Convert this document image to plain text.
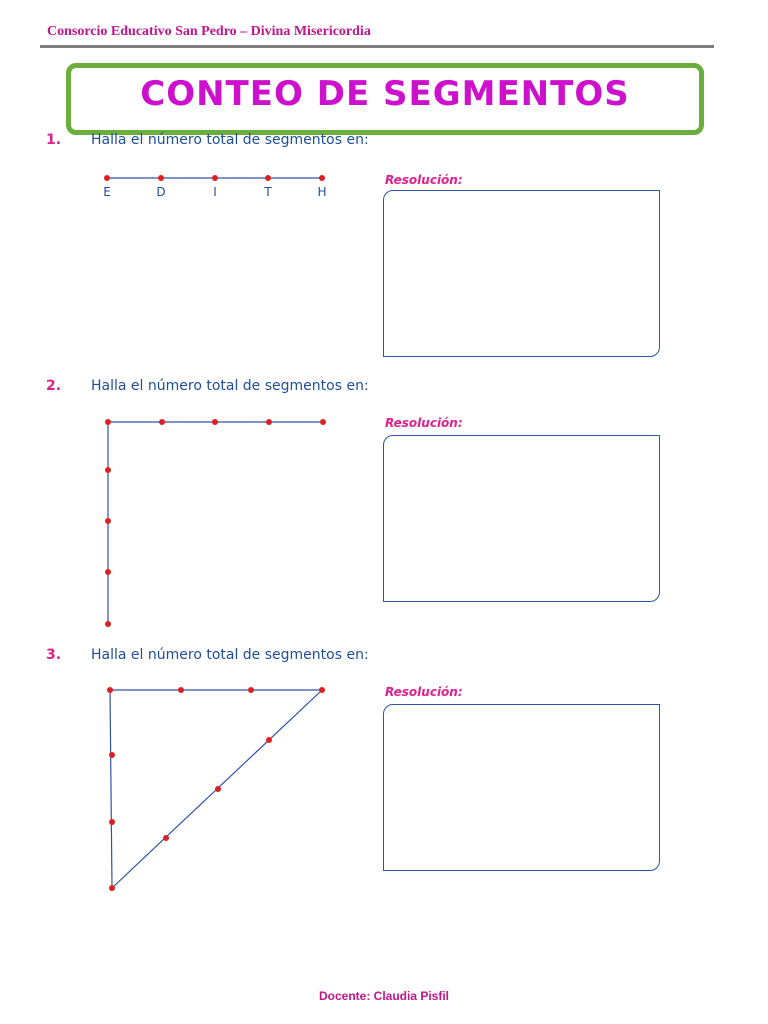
Consorcio Educativo San Pedro – Divina Misericordia
CONTEO DE SEGMENTOS
1. Halla el número total de segmentos en:
Resolución:
E	D	I	T	H
2. Halla el número total de segmentos en:
Resolución:
3. Halla el número total de segmentos en:
Resolución:
Docente: Claudia Pisfil
